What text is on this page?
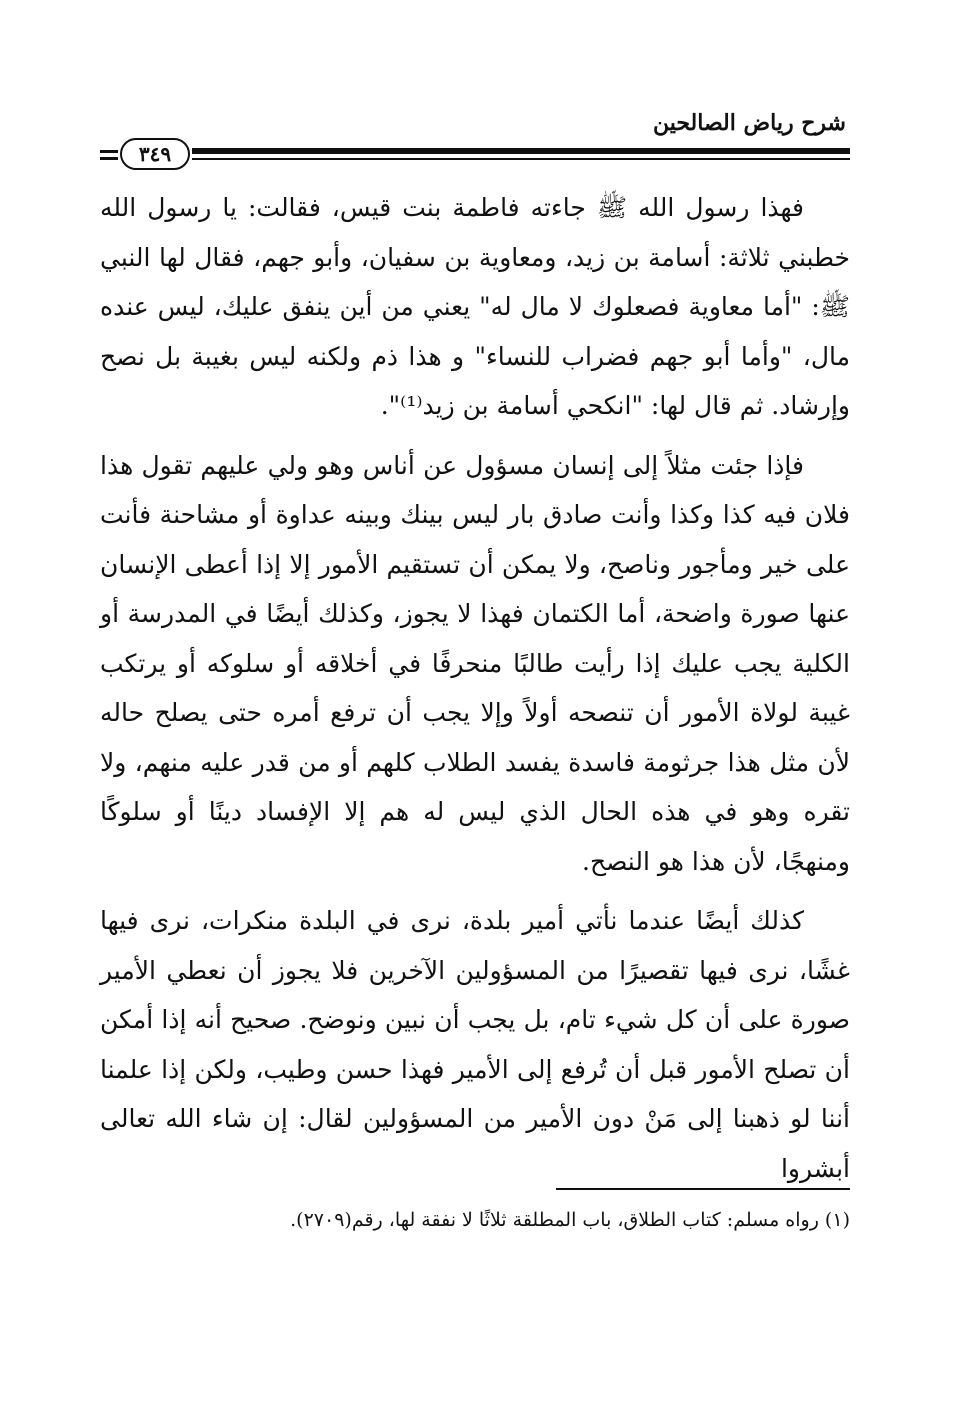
شرح رياض الصالحين
٣٤٩

فهذا رسول الله ﷺ جاءته فاطمة بنت قيس، فقالت: يا رسول الله خطبني ثلاثة: أسامة بن زيد، ومعاوية بن سفيان، وأبو جهم، فقال لها النبي ﷺ: "أما معاوية فصعلوك لا مال له" يعني من أين ينفق عليك، ليس عنده مال، "وأما أبو جهم فضراب للنساء" و هذا ذم ولكنه ليس بغيبة بل نصح وإرشاد. ثم قال لها: "انكحي أسامة بن زيد⁽¹⁾".

فإذا جئت مثلاً إلى إنسان مسؤول عن أناس وهو ولي عليهم تقول هذا فلان فيه كذا وكذا وأنت صادق بار ليس بينك وبينه عداوة أو مشاحنة فأنت على خير ومأجور وناصح، ولا يمكن أن تستقيم الأمور إلا إذا أعطى الإنسان عنها صورة واضحة، أما الكتمان فهذا لا يجوز، وكذلك أيضًا في المدرسة أو الكلية يجب عليك إذا رأيت طالبًا منحرفًا في أخلاقه أو سلوكه أو يرتكب غيبة لولاة الأمور أن تنصحه أولاً وإلا يجب أن ترفع أمره حتى يصلح حاله لأن مثل هذا جرثومة فاسدة يفسد الطلاب كلهم أو من قدر عليه منهم، ولا تقره وهو في هذه الحال الذي ليس له هم إلا الإفساد دينًا أو سلوكًا ومنهجًا، لأن هذا هو النصح.

كذلك أيضًا عندما نأتي أمير بلدة، نرى في البلدة منكرات، نرى فيها غشًا، نرى فيها تقصيرًا من المسؤولين الآخرين فلا يجوز أن نعطي الأمير صورة على أن كل شيء تام، بل يجب أن نبين ونوضح. صحيح أنه إذا أمكن أن تصلح الأمور قبل أن تُرفع إلى الأمير فهذا حسن وطيب، ولكن إذا علمنا أننا لو ذهبنا إلى مَنْ دون الأمير من المسؤولين لقال: إن شاء الله تعالى أبشروا

(١) رواه مسلم: كتاب الطلاق، باب المطلقة ثلاثًا لا نفقة لها، رقم(٢٧٠٩).
